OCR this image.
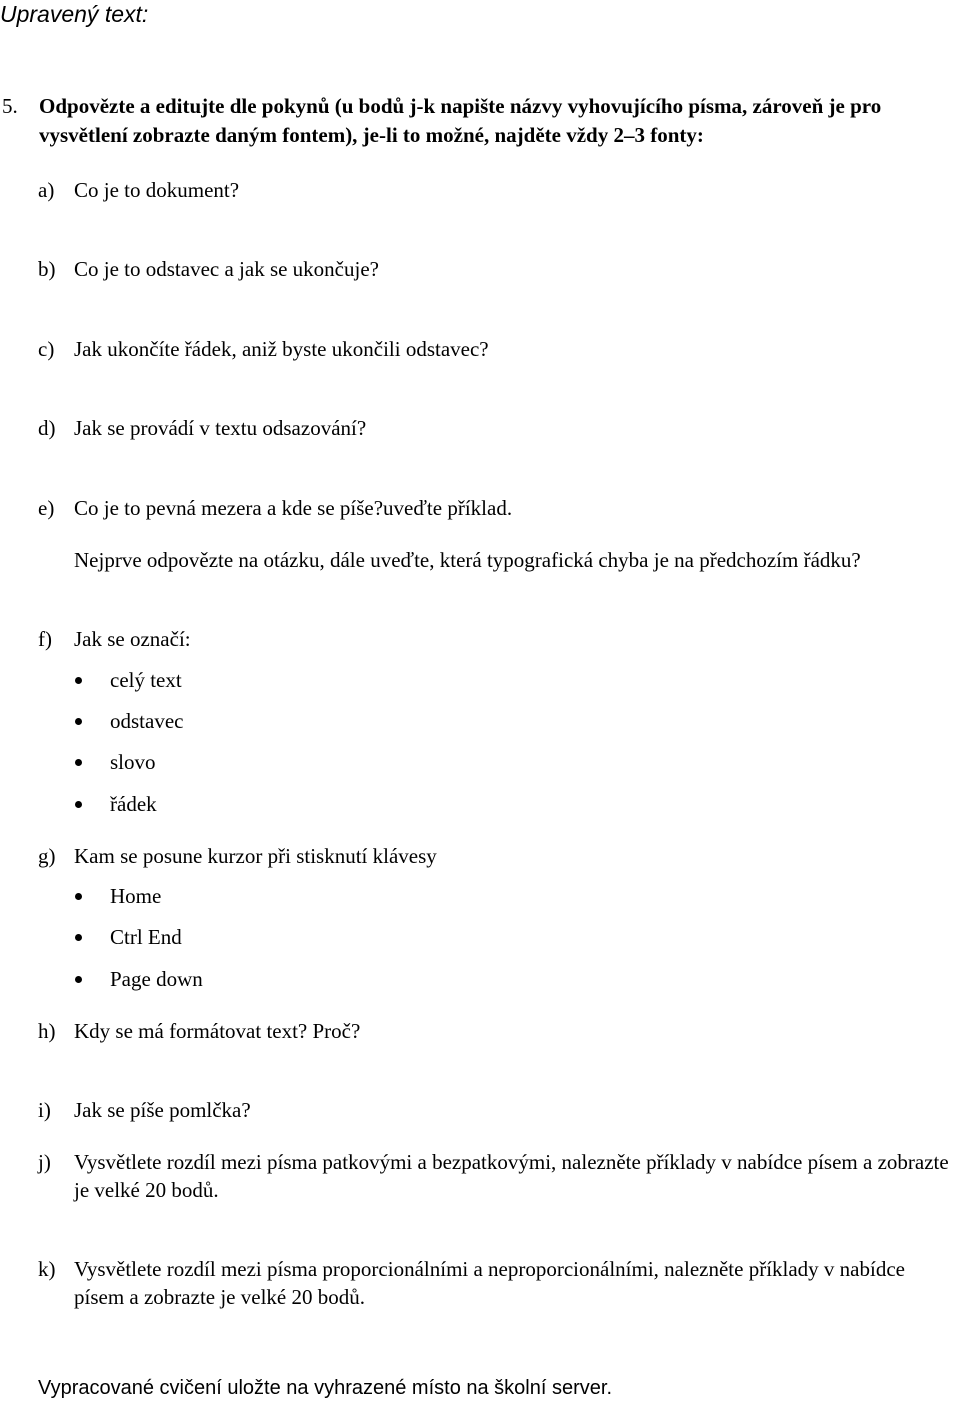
Upravený text:
5. Odpovězte a editujte dle pokynů (u bodů j-k napište názvy vyhovujícího písma, zároveň je pro vysvětlení zobrazte daným fontem), je-li to možné, najděte vždy 2–3 fonty:
a) Co je to dokument?
b) Co je to odstavec a jak se ukončuje?
c) Jak ukončíte řádek, aniž byste ukončili odstavec?
d) Jak se provádí v textu odsazování?
e) Co je to pevná mezera a kde se píše?uveďte příklad.
Nejprve odpovězte na otázku, dále uveďte, která typografická chyba je na předchozím řádku?
f) Jak se označí:
celý text
odstavec
slovo
řádek
g) Kam se posune kurzor při stisknutí klávesy
Home
Ctrl End
Page down
h) Kdy se má formátovat text? Proč?
i) Jak se píše pomlčka?
j) Vysvětlete rozdíl mezi písma patkovými a bezpatkovými, nalezněte příklady v nabídce písem a zobrazte je velké 20 bodů.
k) Vysvětlete rozdíl mezi písma proporcionálními a neproporcionálními, nalezněte příklady v nabídce písem a zobrazte je velké 20 bodů.
Vypracované cvičení uložte na vyhrazené místo na školní server.
